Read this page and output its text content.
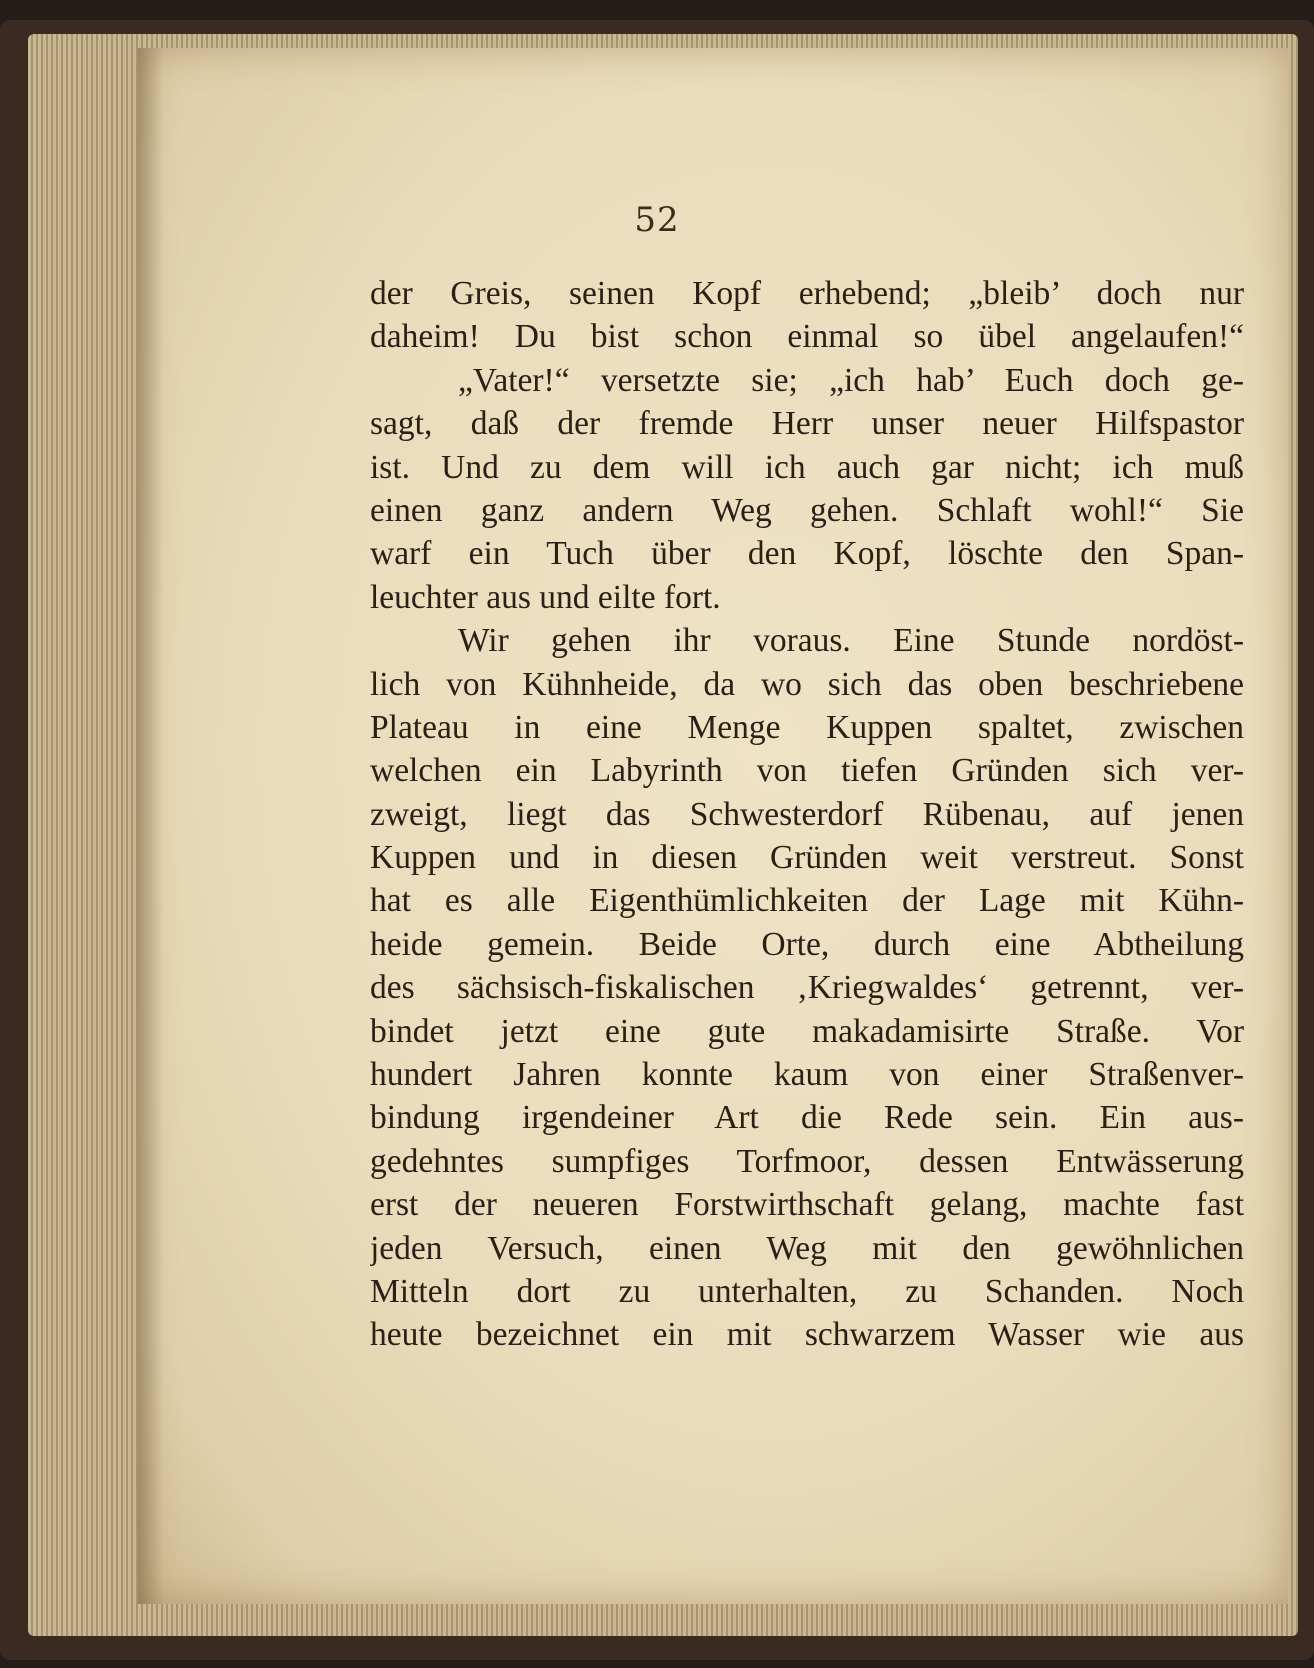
52
der Greis, seinen Kopf erhebend; „bleib’ doch nur
daheim! Du bist schon einmal so übel angelaufen!“
„Vater!“ versetzte sie; „ich hab’ Euch doch ge-
sagt, daß der fremde Herr unser neuer Hilfspastor
ist. Und zu dem will ich auch gar nicht; ich muß
einen ganz andern Weg gehen. Schlaft wohl!“ Sie
warf ein Tuch über den Kopf, löschte den Span-
leuchter aus und eilte fort.
Wir gehen ihr voraus. Eine Stunde nordöst-
lich von Kühnheide, da wo sich das oben beschriebene
Plateau in eine Menge Kuppen spaltet, zwischen
welchen ein Labyrinth von tiefen Gründen sich ver-
zweigt, liegt das Schwesterdorf Rübenau, auf jenen
Kuppen und in diesen Gründen weit verstreut. Sonst
hat es alle Eigenthümlichkeiten der Lage mit Kühn-
heide gemein. Beide Orte, durch eine Abtheilung
des sächsisch-fiskalischen ‚Kriegwaldes‘ getrennt, ver-
bindet jetzt eine gute makadamisirte Straße. Vor
hundert Jahren konnte kaum von einer Straßenver-
bindung irgendeiner Art die Rede sein. Ein aus-
gedehntes sumpfiges Torfmoor, dessen Entwässerung
erst der neueren Forstwirthschaft gelang, machte fast
jeden Versuch, einen Weg mit den gewöhnlichen
Mitteln dort zu unterhalten, zu Schanden. Noch
heute bezeichnet ein mit schwarzem Wasser wie aus
